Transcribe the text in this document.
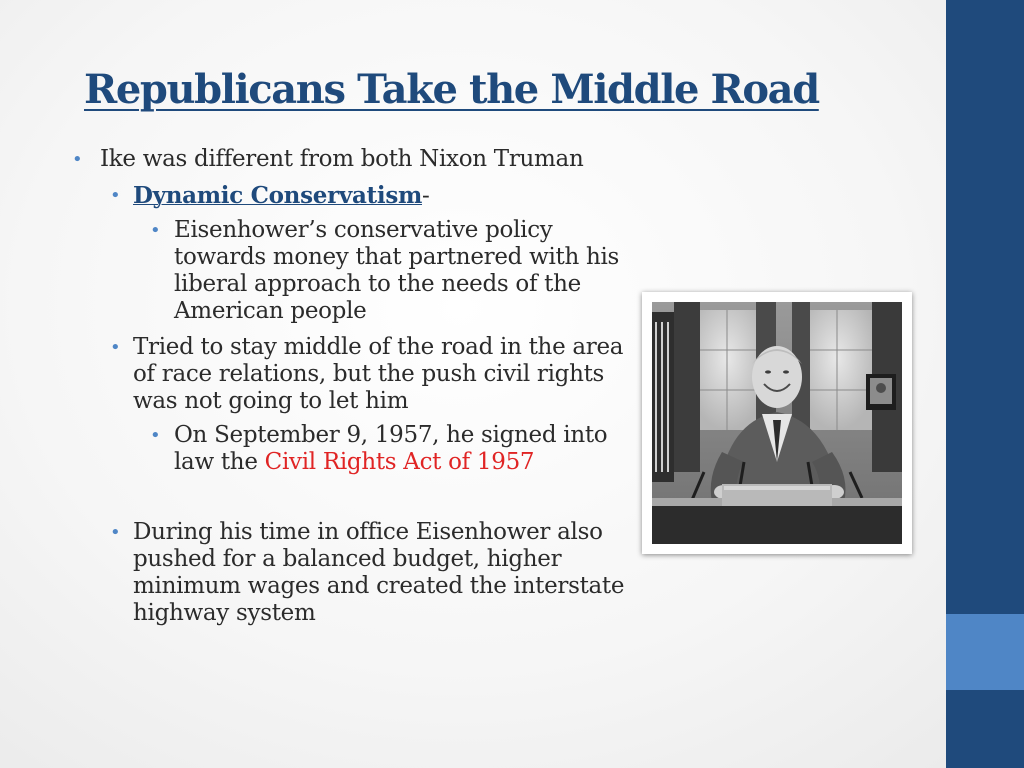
Republicans Take the Middle Road
• Ike was different from both Nixon Truman
• Dynamic Conservatism-
• Eisenhower’s conservative policy towards money that partnered with his liberal approach to the needs of the American people
• Tried to stay middle of the road in the area of race relations, but the push civil rights was not going to let him
• On September 9, 1957, he signed into law the Civil Rights Act of 1957
• During his time in office Eisenhower also pushed for a balanced budget, higher minimum wages and created the interstate highway system
